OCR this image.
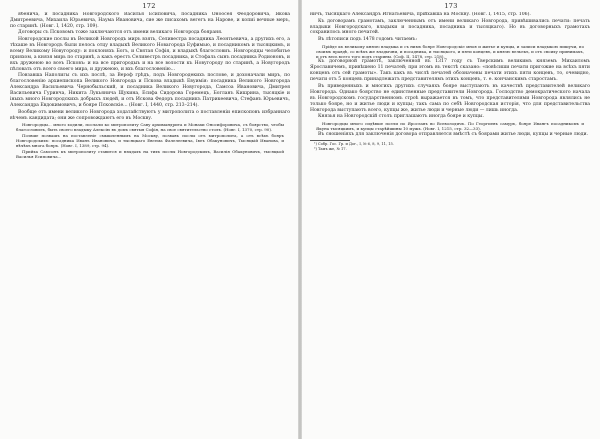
172

ябенича, и посадника Новгородского Василья Есиповича, посадника Оноосея Феодоровича, Якова Дмитреевича, Михаила Юрьевича, Наума Ивановича, сие же писахомъ вегегъ на Нарове, и копиі вечные меръ, по старинѣ. (Новг. I, 1420, стр. 109).

Договоры съ Псковомъ тоже заключаются отъ имени великаго Новгорода бояраня.

Новгородские послы въ Великой Новгородъ миръ взять, Селивестра посадника Леонтьевича, а другихъ его, а тѣхаше въ Новгородъ были пелось отцу владыкѣ Великого Новагорода Еуфимью, и посадникомъ и тысяцкимъ, и всему Великому Новугороду: и поклоняхъ Богъ, и Святая Софія, и владыкѣ благословиъ. Новгородцы челобитье прияхом, а князя мирь по старинѣ, а какъ ерестъ Селивестръ посадника, и Стофаль сынъ посадника Родионовъ, и вхъ дружеюю во всеъ Псковъ: и на все пригородыъ и на все волости къ Новугороду по старинѣ, а Новугородъ пѣловать отъ всего своего мира, и дружеюю, и вхъ благословенію...

Повзавша Наполигы съ ихъ послѣ, за Вероф грѣдъ, подъ Новгородекихъ послове, и дохоначали миръ, по благословенію архиепископа Великого Новгорода и Пскова владыкѣ Евуимія: посадника Великого Новгорода Александра Васильевича Чернобыльский, и посадника Великого Новугорода, Самсоа Ивановича, Дмитрея Васильевича Гуринча, Никита Лукьянича Щукина, Есифа Сидорова Горемецъ, Богланъ Кишрина, тысяцкіе и іныхъ много Новгородскихъ добрыхъ людей, и отъ Искова Федоръ посадникъ Патрикеевича, Стефанъ Юрьевичъ, Александра Евдокимовичъ, и бояре Псковскіе... (Новг. I, 1440, стр. 213–214).

Вообще отъ имени великого Новгорода ходатайствуютъ у митрополита о поставленіи епископовъ избраннаго вѣчемъ кандидата; они же сопровождаютъ его въ Москву.

Новгородцы... много ходили, послали ко митрополиту Саву архимандрита и Монахи Оносифоровича, съ боярство, чтобы благословилъ, быть своего владыку Алексію въ домъ святыя Софія, на свое святительство столъ. (Новг. I, 1370, стр. 90).

Позвше позвашъ на поставленіе смышленнымъ на Москву, позвавъ послы отъ митрополита, а отъ всѣхъ бояръ Новгородскихъ: посадника Иванъ Ивановича, и тысяцкаго Евеема Фалелеевича, Івеъ Обакуновичъ, Тысяцкій Иванова, и вѣчѣхъ многа бояръ. (Новг. I, 1389, стр. 94).

Прийха Самсонъ къ митрополиту ставится и взыдахъ на тихъ послы Новгородскихъ, Василія Обакуновичъ, тысяцкой Василья Есиповича...

173

ничъ, тысяцкаго Александръ Игнатьевича, прійхавша на Москву. (Новг. I, 1415, стр. 106).

Къ договорамъ грамотамъ, заключеннымъ отъ имени великаго Новгорода, привѣшивались печати: печать владыки Новгородскаго, владыки и посадника, посадника и тысяцкаго). Но въ договорныхъ грамотахъ сохранилось много печатей.

Въ лѣтописи подъ 1478 годомъ читаемъ:

Прійде къ великому князю владыка и съ нимъ бояре Новгородскіе мноя и житье и купцы, и записи владыкою пишучи, по своимъ правдѣ, со всѣхъ же владычни, и посадника, и тысяцкого, и пяти концевъ, и князю вельекъ, и отъ своиху принимахъ, и отъ весь всего того подъ старины. (Соф. II, 1478, стр. 218).

Къ договорной грамотѣ, заключенной въ 1317 году съ Тверскимъ великимъ княземъ Михаиломъ Ярославичемъ, привѣшено 11 печатей; при этомъ въ текстѣ сказано: «повѣсиши печати пригожие на всѣхъ пяти концевъ отъ сей грамоты». Такъ какъ въ числѣ печатей обозначены печати этихъ пяти концевъ, то, очевидно, печати отъ 5 концевъ принадлежатъ представителямъ этихъ концевъ, т. е. кончанскимъ старостамъ.

Въ приведенныхъ и многихъ другихъ случаяхъ бояре выступаютъ въ качествѣ представителей великаго Новгорода. Однако боярство не единственные представители Новгорода. Господство демократического начала въ Новгородскомъ государственномъ строѣ выражается въ томъ, что представителями Новгорода являлись не только бояре, но и житье люди и купцы; такъ сама по себѣ Новгородская исторія, что для представительства Новгорода выступаютъ всего, купцы же, житье люди и черные люди — лишь иногда.

Князья на Новгородскій столъ приглашаютъ иногда бояре и купцы.

Новгородцы много сидѣвше поели по Ярославъ во Всеволодичъ. По Георгиевъ самуръ, бояре Ивангъ посадникомъ и Якуна тысяцкимъ, и купцы старѣйшины 10 мужь. (Новг. I, 1215, стр. 32—33).

Въ сношеніяхъ для заключенія договора отправляется вмѣстѣ съ боярами житье люди, купцы и черные люди.

¹) Собр. Гос. Гр. и Дог., I, № 6, 8, 9, 11, 15.
²) Тамъ же, № 17.
